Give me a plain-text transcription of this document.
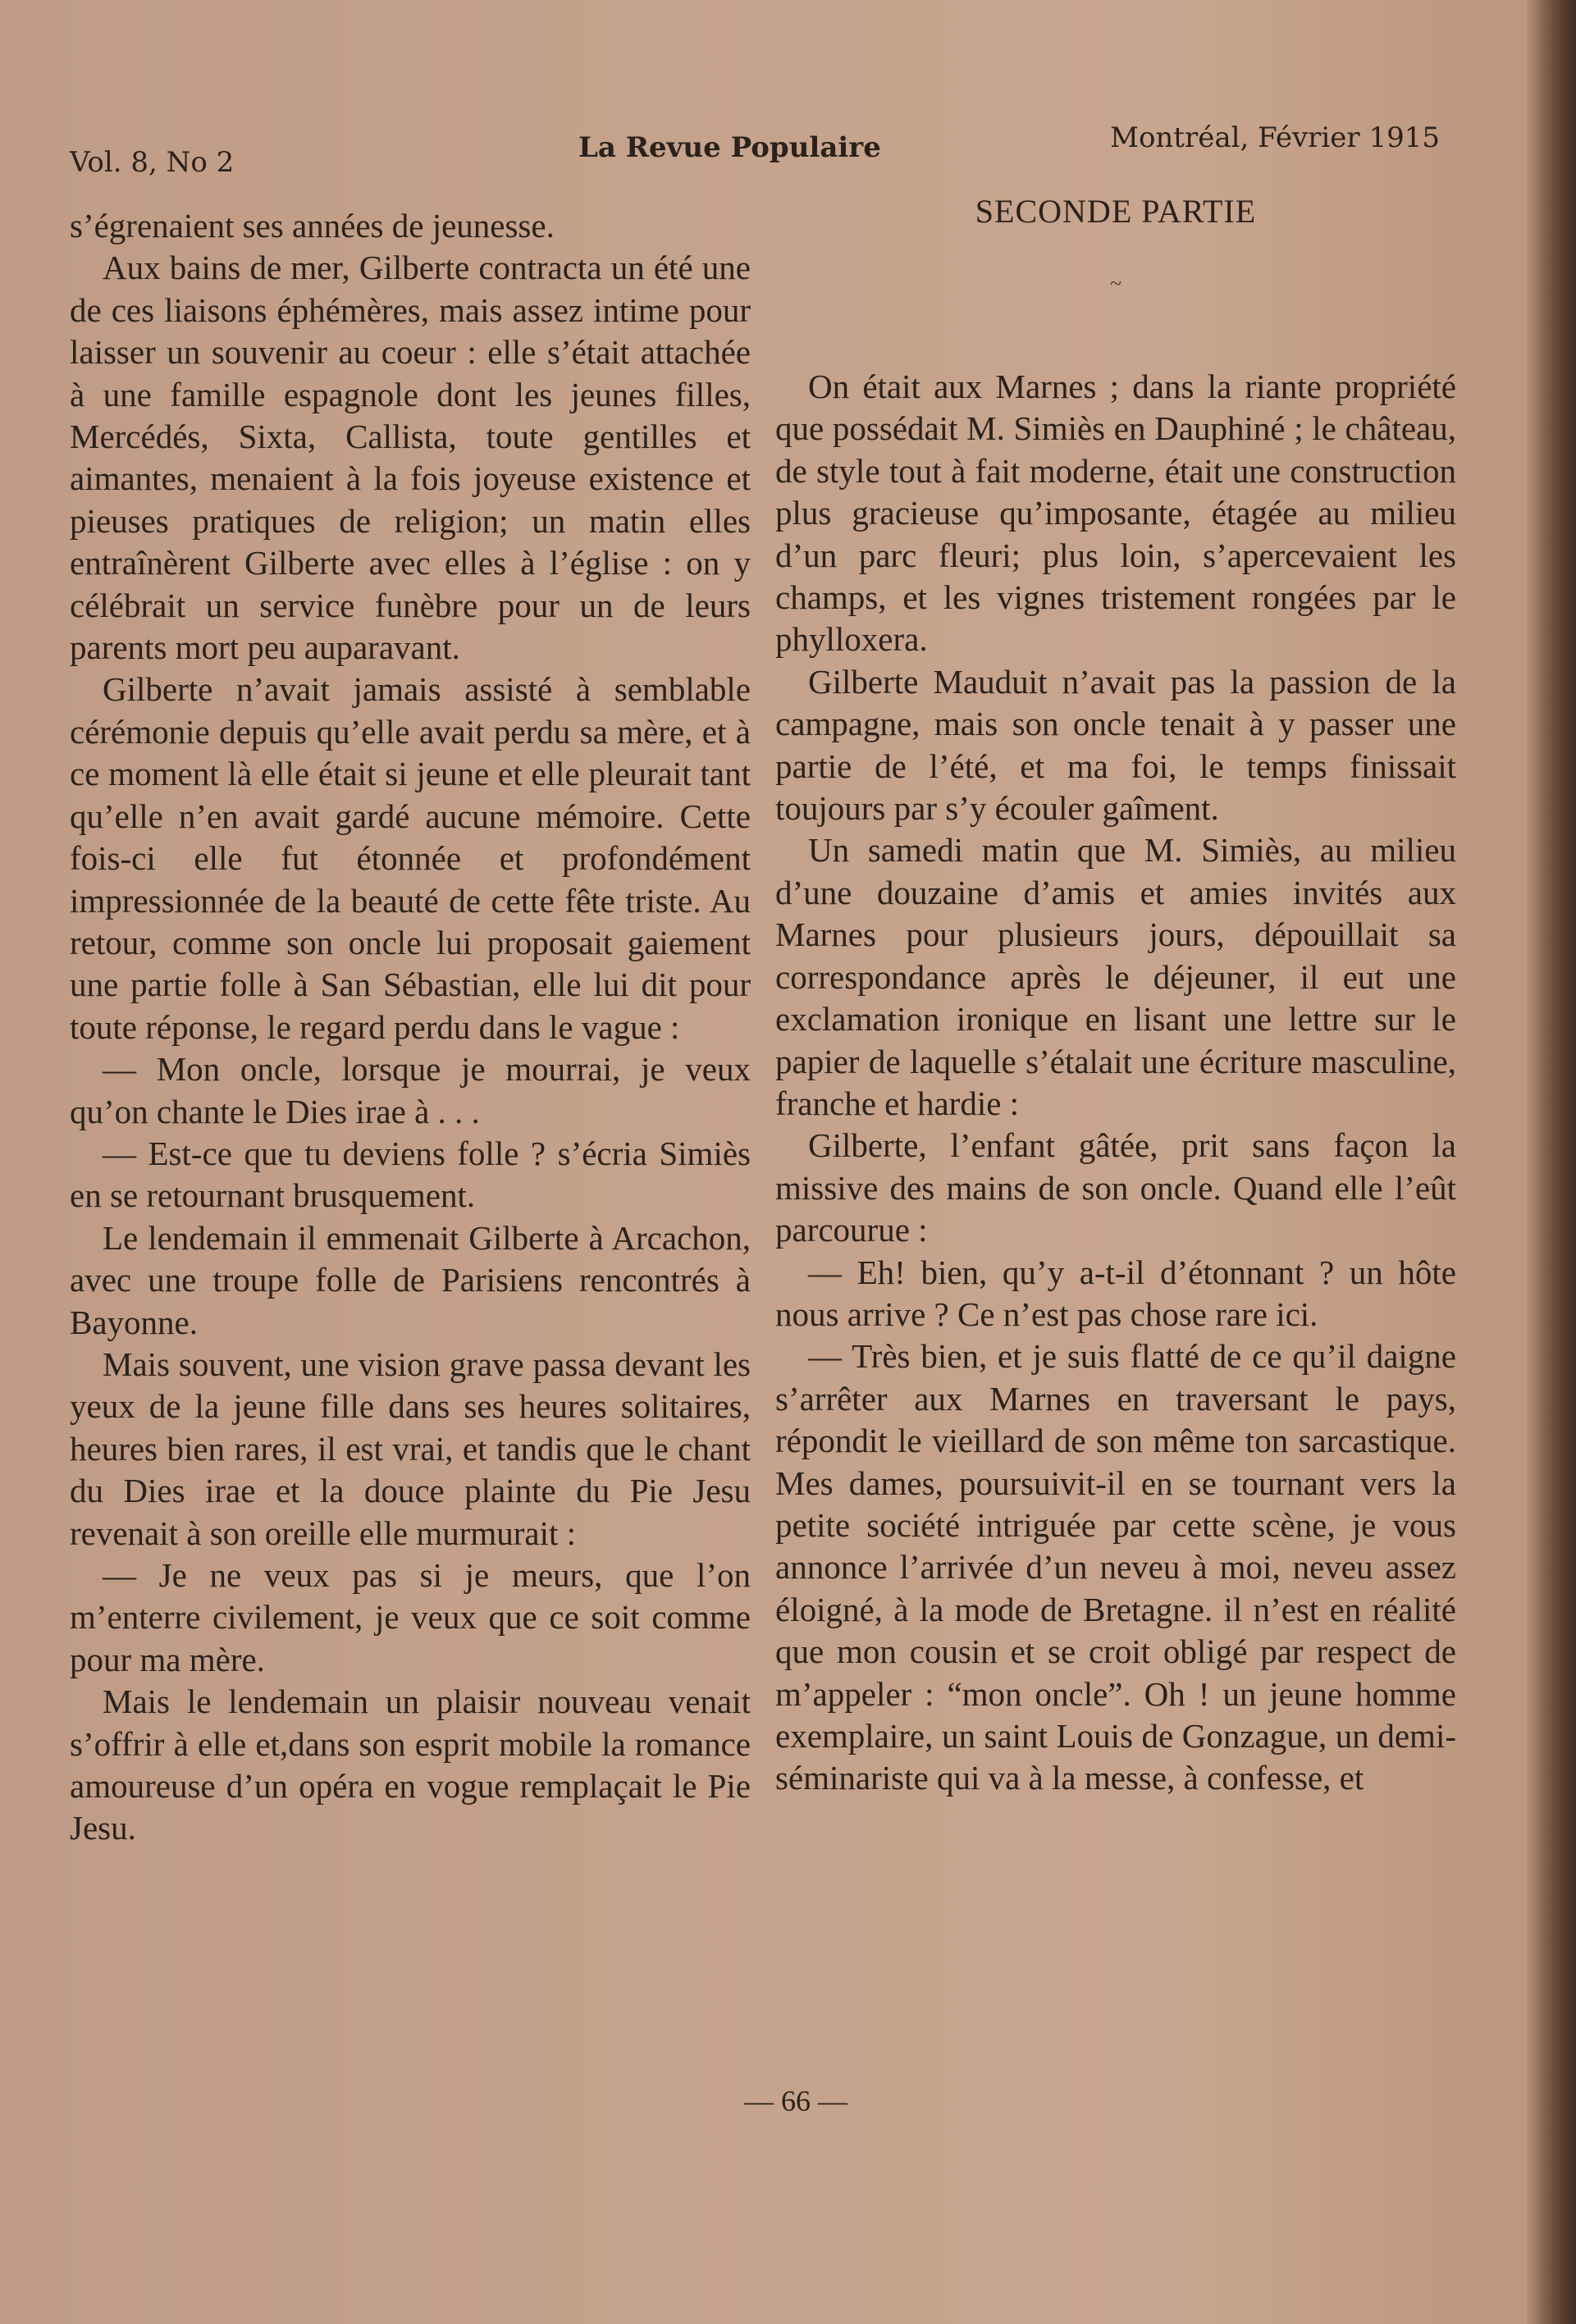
Vol. 8, No 2	La Revue Populaire	Montréal, Février 1915

s’égrenaient ses années de jeunesse.

Aux bains de mer, Gilberte contracta un été une de ces liaisons éphémères, mais assez intime pour laisser un souvenir au coeur : elle s’était attachée à une famille espagnole dont les jeunes filles, Mercédés, Sixta, Callista, toute gentilles et aimantes, menaient à la fois joyeuse existence et pieuses pratiques de religion; un matin elles entraînèrent Gilberte avec elles à l’église : on y célébrait un service funèbre pour un de leurs parents mort peu auparavant.

Gilberte n’avait jamais assisté à semblable cérémonie depuis qu’elle avait perdu sa mère, et à ce moment là elle était si jeune et elle pleurait tant qu’elle n’en avait gardé aucune mémoire. Cette fois-ci elle fut étonnée et profondément impressionnée de la beauté de cette fête triste. Au retour, comme son oncle lui proposait gaiement une partie folle à San Sébastian, elle lui dit pour toute réponse, le regard perdu dans le vague :

— Mon oncle, lorsque je mourrai, je veux qu’on chante le Dies irae à . . .

— Est-ce que tu deviens folle ? s’écria Simiès en se retournant brusquement.

Le lendemain il emmenait Gilberte à Arcachon, avec une troupe folle de Parisiens rencontrés à Bayonne.

Mais souvent, une vision grave passa devant les yeux de la jeune fille dans ses heures solitaires, heures bien rares, il est vrai, et tandis que le chant du Dies irae et la douce plainte du Pie Jesu revenait à son oreille elle murmurait :

— Je ne veux pas si je meurs, que l’on m’enterre civilement, je veux que ce soit comme pour ma mère.

Mais le lendemain un plaisir nouveau venait s’offrir à elle et,dans son esprit mobile la romance amoureuse d’un opéra en vogue remplaçait le Pie Jesu.

SECONDE PARTIE
~

On était aux Marnes ; dans la riante propriété que possédait M. Simiès en Dauphiné ; le château, de style tout à fait moderne, était une construction plus gracieuse qu’imposante, étagée au milieu d’un parc fleuri; plus loin, s’apercevaient les champs, et les vignes tristement rongées par le phylloxera.

Gilberte Mauduit n’avait pas la passion de la campagne, mais son oncle tenait à y passer une partie de l’été, et ma foi, le temps finissait toujours par s’y écouler gaîment.

Un samedi matin que M. Simiès, au milieu d’une douzaine d’amis et amies invités aux Marnes pour plusieurs jours, dépouillait sa correspondance après le déjeuner, il eut une exclamation ironique en lisant une lettre sur le papier de laquelle s’étalait une écriture masculine, franche et hardie :

Gilberte, l’enfant gâtée, prit sans façon la missive des mains de son oncle. Quand elle l’eût parcourue :

— Eh! bien, qu’y a-t-il d’étonnant ? un hôte nous arrive ? Ce n’est pas chose rare ici.

— Très bien, et je suis flatté de ce qu’il daigne s’arrêter aux Marnes en traversant le pays, répondit le vieillard de son même ton sarcastique. Mes dames, poursuivit-il en se tournant vers la petite société intriguée par cette scène, je vous annonce l’arrivée d’un neveu à moi, neveu assez éloigné, à la mode de Bretagne. il n’est en réalité que mon cousin et se croit obligé par respect de m’appeler : “mon oncle”. Oh ! un jeune homme exemplaire, un saint Louis de Gonzague, un demi-séminariste qui va à la messe, à confesse, et

— 66 —
